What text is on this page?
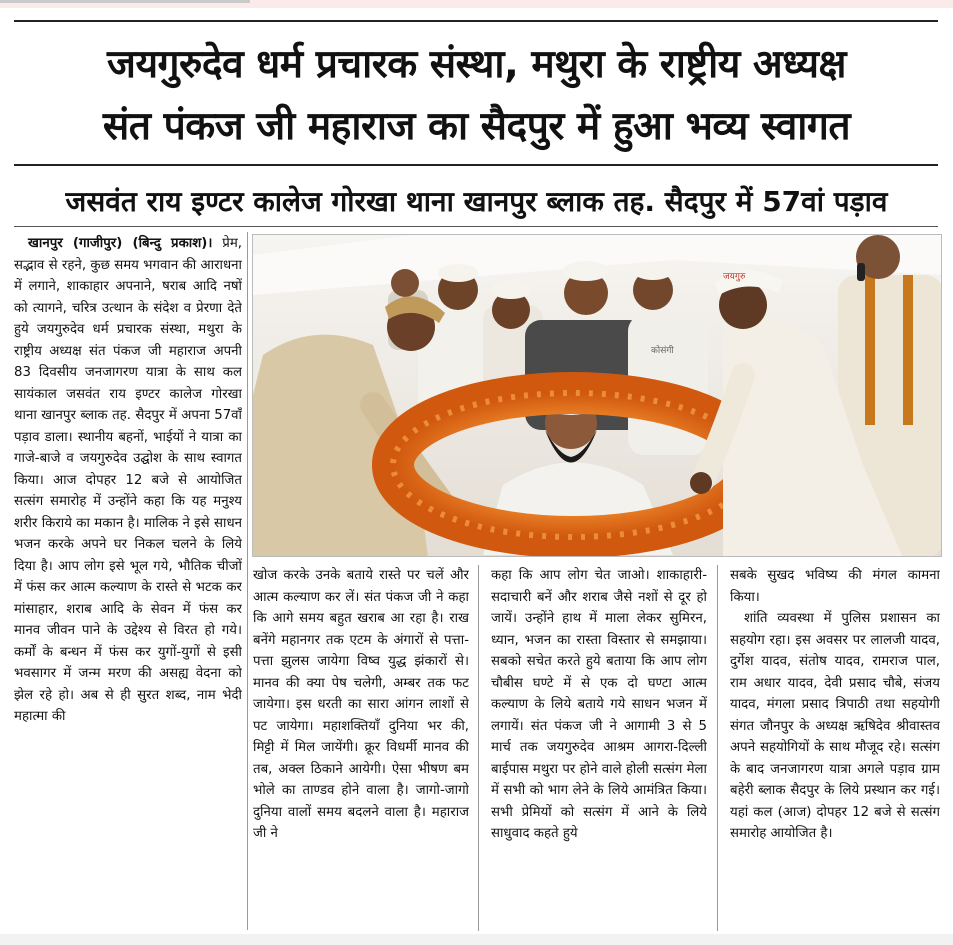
जयगुरुदेव धर्म प्रचारक संस्था, मथुरा के राष्ट्रीय अध्यक्ष
संत पंकज जी महाराज का सैदपुर में हुआ भव्य स्वागत
जसवंत राय इण्टर कालेज गोरखा थाना खानपुर ब्लाक तह. सैदपुर में 57वां पड़ाव

खानपुर (गाजीपुर) (बिन्दु प्रकाश)। प्रेम, सद्भाव से रहने, कुछ समय भगवान की आराधना में लगाने, शाकाहार अपनाने, षराब आदि नषों को त्यागने, चरित्र उत्थान के संदेश व प्रेरणा देते हुये जयगुरुदेव धर्म प्रचारक संस्था, मथुरा के राष्ट्रीय अध्यक्ष संत पंकज जी महाराज अपनी 83 दिवसीय जनजागरण यात्रा के साथ कल सायंकाल जसवंत राय इण्टर कालेज गोरखा थाना खानपुर ब्लाक तह. सैदपुर में अपना 57वाँ पड़ाव डाला। स्थानीय बहनों, भाईयों ने यात्रा का गाजे-बाजे व जयगुरुदेव उद्घोश के साथ स्वागत किया। आज दोपहर 12 बजे से आयोजित सत्संग समारोह में उन्होंने कहा कि यह मनुश्य शरीर किराये का मकान है। मालिक ने इसे साधन भजन करके अपने घर निकल चलने के लिये दिया है। आप लोग इसे भूल गये, भौतिक चीजों में फंस कर आत्म कल्याण के रास्ते से भटक कर मांसाहार, शराब आदि के सेवन में फंस कर मानव जीवन पाने के उद्देश्य से विरत हो गये। कर्मों के बन्धन में फंस कर युगों-युगों से इसी भवसागर में जन्म मरण की असह्य वेदना को झेल रहे हो। अब से ही सुरत शब्द, नाम भेदी महात्मा की

कोसंगी
जयगुरु

खोज करके उनके बताये रास्ते पर चलें और आत्म कल्याण कर लें। संत पंकज जी ने कहा कि आगे समय बहुत खराब आ रहा है। राख बनेंगे महानगर तक एटम के अंगारों से पत्ता-पत्ता झुलस जायेगा विष्व युद्ध झंकारों से। मानव की क्या पेष चलेगी, अम्बर तक फट जायेगा। इस धरती का सारा आंगन लाशों से पट जायेगा। महाशक्तियाँ दुनिया भर की, मिट्टी में मिल जायेंगी। क्रूर विधर्मी मानव की तब, अक्ल ठिकाने आयेगी। ऐसा भीषण बम भोले का ताण्डव होने वाला है। जागो-जागो दुनिया वालों समय बदलने वाला है। महाराज जी ने

कहा कि आप लोग चेत जाओ। शाकाहारी-सदाचारी बनें और शराब जैसे नशों से दूर हो जायें। उन्होंने हाथ में माला लेकर सुमिरन, ध्यान, भजन का रास्ता विस्तार से समझाया। सबको सचेत करते हुये बताया कि आप लोग चौबीस घण्टे में से एक दो घण्टा आत्म कल्याण के लिये बताये गये साधन भजन में लगायें। संत पंकज जी ने आगामी 3 से 5 मार्च तक जयगुरुदेव आश्रम आगरा-दिल्ली बाईपास मथुरा पर होने वाले होली सत्संग मेला में सभी को भाग लेने के लिये आमंत्रित किया। सभी प्रेमियों को सत्संग में आने के लिये साधुवाद कहते हुये

सबके सुखद भविष्य की मंगल कामना किया।

शांति व्यवस्था में पुलिस प्रशासन का सहयोग रहा। इस अवसर पर लालजी यादव, दुर्गेश यादव, संतोष यादव, रामराज पाल, राम अधार यादव, देवी प्रसाद चौबे, संजय यादव, मंगला प्रसाद त्रिपाठी तथा सहयोगी संगत जौनपुर के अध्यक्ष ऋषिदेव श्रीवास्तव अपने सहयोगियों के साथ मौजूद रहे। सत्संग के बाद जनजागरण यात्रा अगले पड़ाव ग्राम बहेरी ब्लाक सैदपुर के लिये प्रस्थान कर गई। यहां कल (आज) दोपहर 12 बजे से सत्संग समारोह आयोजित है।
